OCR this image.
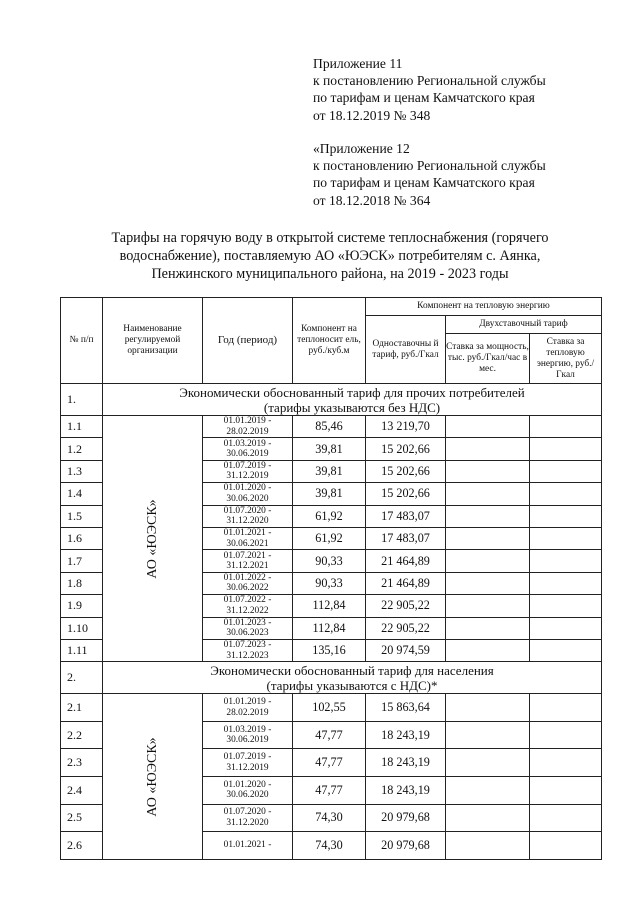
Приложение 11
к постановлению Региональной службы
по тарифам и ценам Камчатского края
от 18.12.2019 № 348
«Приложение 12
к постановлению Региональной службы
по тарифам и ценам Камчатского края
от 18.12.2018 № 364
Тарифы на горячую воду в открытой системе теплоснабжения (горячего
водоснабжение), поставляемую АО «ЮЭСК» потребителям с. Аянка,
Пенжинского муниципального района, на 2019 - 2023 годы
№ п/п	Наименование регулируемой организации	Год (период)	Компонент на теплоносит ель, руб./куб.м	Компонент на тепловую энергию		
				Одноставочны й тариф, руб./Гкал	Двухставочный тариф	
					Ставка за мощность, тыс. руб./Гкал/час в мес.	Ставка за тепловую энергию, руб./Гкал
1.	Экономически обоснованный тариф для прочих потребителей
(тарифы указываются без НДС)					

1.1	АО «ЮЭСК»	01.01.2019 -
28.02.2019	85,46	13 219,70		
1.2		01.03.2019 -
30.06.2019	39,81	15 202,66		
1.3		01.07.2019 -
31.12.2019	39,81	15 202,66		
1.4		01.01.2020 -
30.06.2020	39,81	15 202,66		
1.5		01.07.2020 -
31.12.2020	61,92	17 483,07		
1.6		01.01.2021 -
30.06.2021	61,92	17 483,07		
1.7		01.07.2021 -
31.12.2021	90,33	21 464,89		
1.8		01.01.2022 -
30.06.2022	90,33	21 464,89		
1.9		01.07.2022 -
31.12.2022	112,84	22 905,22		
1.10		01.01.2023 -
30.06.2023	112,84	22 905,22		
1.11		01.07.2023 -
31.12.2023	135,16	20 974,59		
2.	Экономически обоснованный тариф для населения
(тарифы указываются с НДС)*					

2.1	АО «ЮЭСК»	01.01.2019 -
28.02.2019	102,55	15 863,64		
2.2		01.03.2019 -
30.06.2019	47,77	18 243,19		
2.3		01.07.2019 -
31.12.2019	47,77	18 243,19		
2.4		01.01.2020 -
30.06.2020	47,77	18 243,19		
2.5		01.07.2020 -
31.12.2020	74,30	20 979,68		
2.6		01.01.2021 -	74,30	20 979,68		
